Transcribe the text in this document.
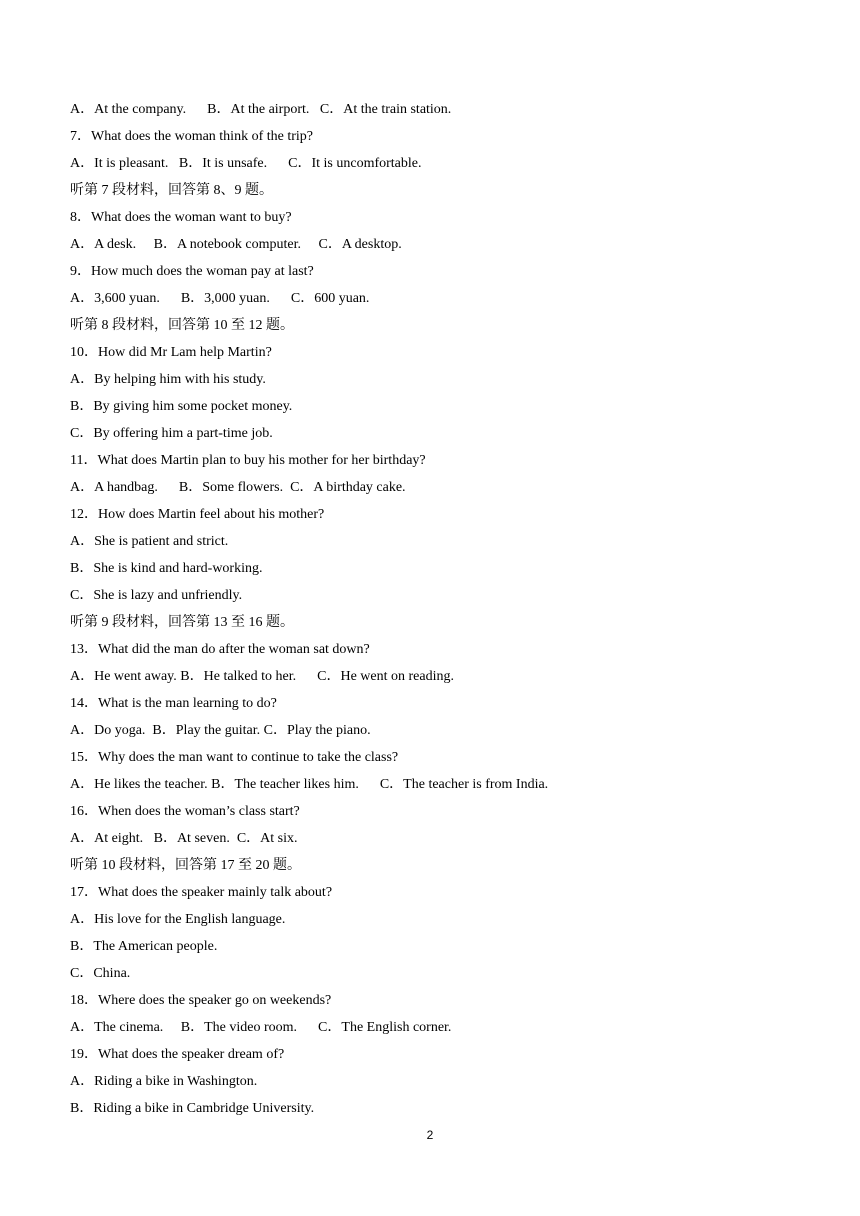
A．At the company.      B．At the airport.   C．At the train station.
7．What does the woman think of the trip?
A．It is pleasant.   B．It is unsafe.      C．It is uncomfortable.
听第 7 段材料，回答第 8、9 题。
8．What does the woman want to buy?
A．A desk.     B．A notebook computer.     C．A desktop.
9．How much does the woman pay at last?
A．3,600 yuan.      B．3,000 yuan.      C．600 yuan.
听第 8 段材料，回答第 10 至 12 题。
10．How did Mr Lam help Martin?
A．By helping him with his study.
B．By giving him some pocket money.
C．By offering him a part-time job.
11．What does Martin plan to buy his mother for her birthday?
A．A handbag.      B．Some flowers.  C．A birthday cake.
12．How does Martin feel about his mother?
A．She is patient and strict.
B．She is kind and hard-working.
C．She is lazy and unfriendly.
听第 9 段材料，回答第 13 至 16 题。
13．What did the man do after the woman sat down?
A．He went away. B．He talked to her.      C．He went on reading.
14．What is the man learning to do?
A．Do yoga.  B．Play the guitar. C．Play the piano.
15．Why does the man want to continue to take the class?
A．He likes the teacher. B．The teacher likes him.      C．The teacher is from India.
16．When does the woman’s class start?
A．At eight.   B．At seven.  C．At six.
听第 10 段材料，回答第 17 至 20 题。
17．What does the speaker mainly talk about?
A．His love for the English language.
B．The American people.
C．China.
18．Where does the speaker go on weekends?
A．The cinema.     B．The video room.      C．The English corner.
19．What does the speaker dream of?
A．Riding a bike in Washington.
B．Riding a bike in Cambridge University.
2
